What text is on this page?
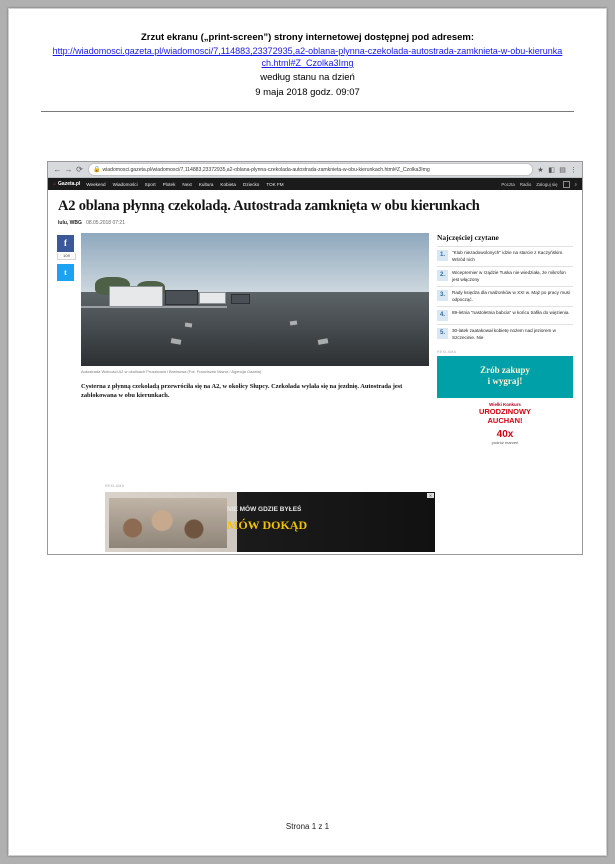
Zrzut ekranu („print-screen”) strony internetowej dostępnej pod adresem:
http://wiadomosci.gazeta.pl/wiadomosci/7,114883,23372935,a2-oblana-plynna-czekolada-autostrada-zamknieta-w-obu-kierunkach.html#Z_Czolka3Img
według stanu na dzień
9 maja 2018 godz. 09:07
← → ⟳	🔒 wiadomosci.gazeta.pl /wiadomosci/7,114883,23372935,a2-oblana-plynna-czekolada-autostrada-zamknieta-w-obu-kierunkach.html#Z_Czolka3Img	★ ◧ ▤ ⋮
⌂ Gazeta.pl Weekend Wiadomości Sport Plotek Next Kultura Kobieta Dziecko TOK FM	Poczta Radio Zaloguj się	⌕
A2 oblana płynną czekoladą. Autostrada zamknięta w obu kierunkach
lulu, WBG 08.05.2018 07:21
f
109
t
Autostrada Wolności A2 w okolicach Pruszkowa i Brwinowa (Fot. Franciszek Mazur / Agencja Gazeta)
Cysterna z płynną czekoladą przewróciła się na A2, w okolicy Słupcy. Czekolada wylała się na jezdnię. Autostrada jest zablokowana w obu kierunkach.
Najczęściej czytane
1.	"Klub niezadowolonych" idzie na starcie z Kaczyńskim. Wśród nich
2.	Wicepremier w rządzie Tuska nie wiedziała, że mikrofon jest włączony
3.	Rady księdza dla małżonków w XXI w. Mąż po pracy musi odpocząć.
4.	89-letnia "nastoletnia babcia" w końcu trafiła do więzienia.
5.	30-latek zaatakował kobietę nożem nad jeziorem w Szczecinie. Nie
REKLAMA
Zrób zakupy
i wygraj!
Wielki Konkurs
URODZINOWY
AUCHAN!
40x
podróż marzeń
REKLAMA
✕
NIE MÓW GDZIE BYŁEŚ
MÓW DOKĄD
Strona 1 z 1
